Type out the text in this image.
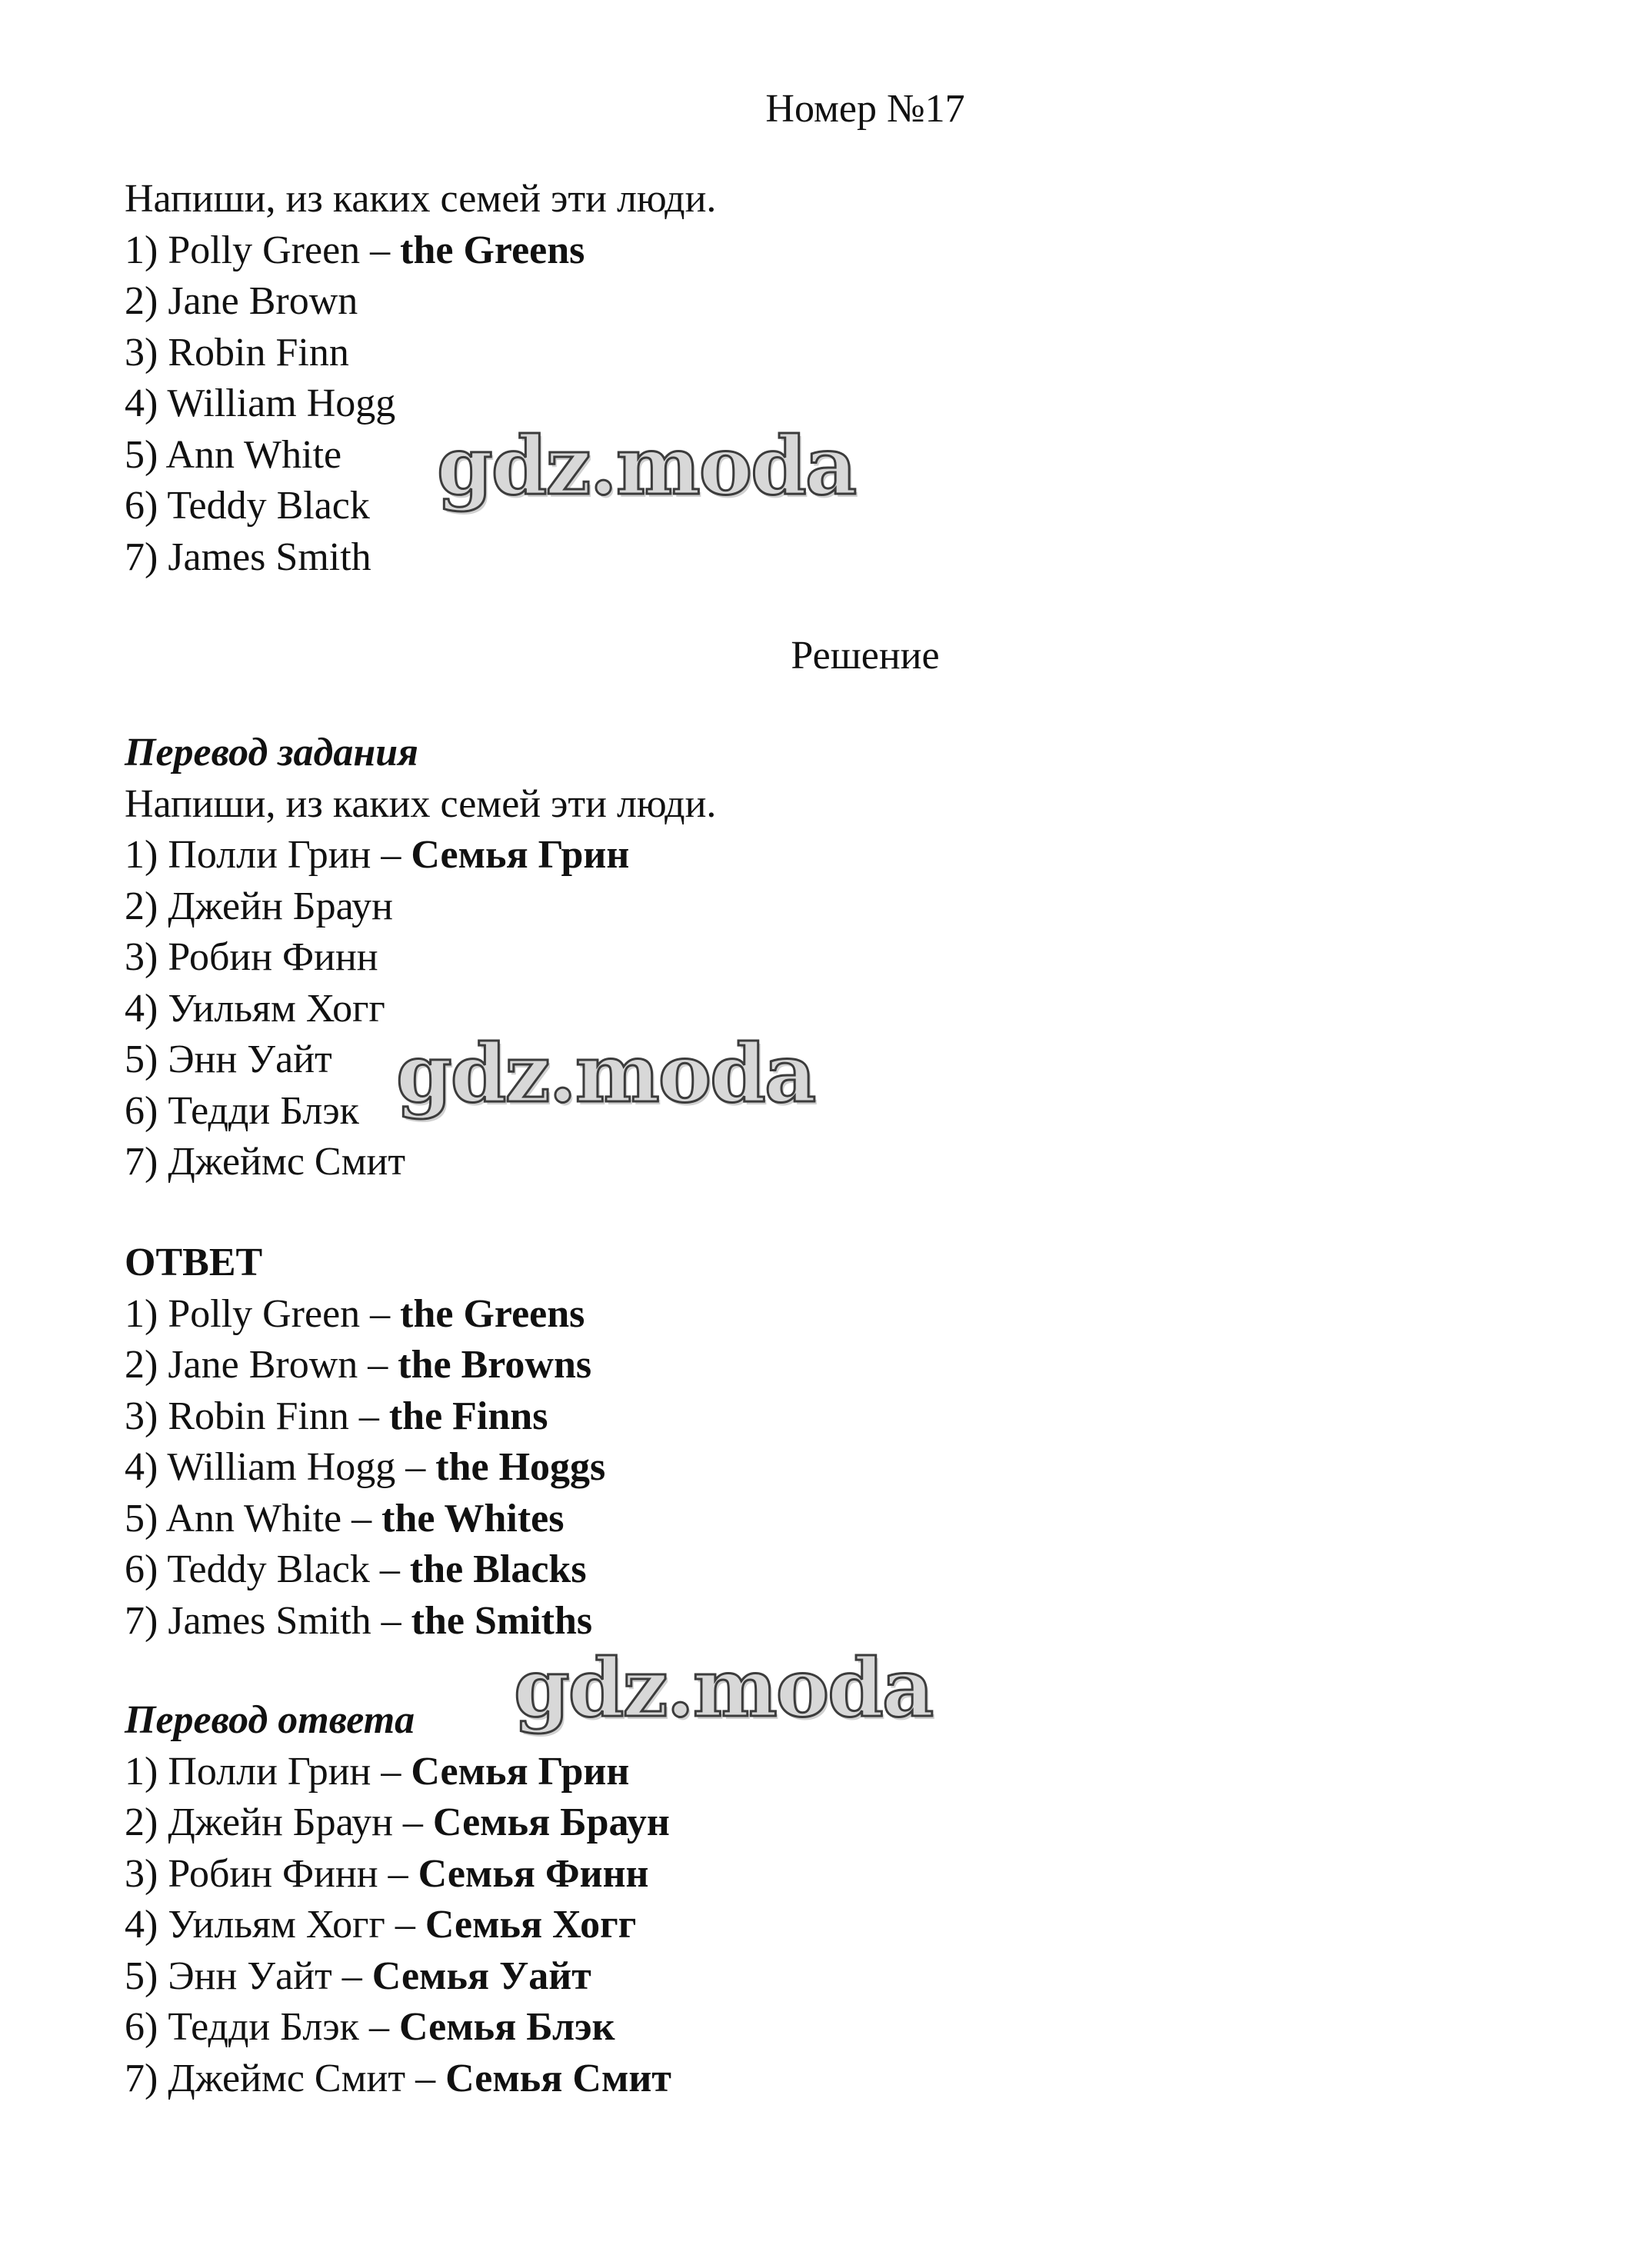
Номер №17
Напиши, из каких семей эти люди.
1) Polly Green – the Greens
2) Jane Brown
3) Robin Finn
4) William Hogg
5) Ann White
6) Teddy Black
7) James Smith
Решение
Перевод задания
Напиши, из каких семей эти люди.
1) Полли Грин – Семья Грин
2) Джейн Браун
3) Робин Финн
4) Уильям Хогг
5) Энн Уайт
6) Тедди Блэк
7) Джеймс Смит
ОТВЕТ
1) Polly Green – the Greens
2) Jane Brown – the Browns
3) Robin Finn – the Finns
4) William Hogg – the Hoggs
5) Ann White – the Whites
6) Teddy Black – the Blacks
7) James Smith – the Smiths
Перевод ответа
1) Полли Грин – Семья Грин
2) Джейн Браун – Семья Браун
3) Робин Финн – Семья Финн
4) Уильям Хогг – Семья Хогг
5) Энн Уайт – Семья Уайт
6) Тедди Блэк – Семья Блэк
7) Джеймс Смит – Семья Смит
gdz.moda
gdz.moda
gdz.moda
